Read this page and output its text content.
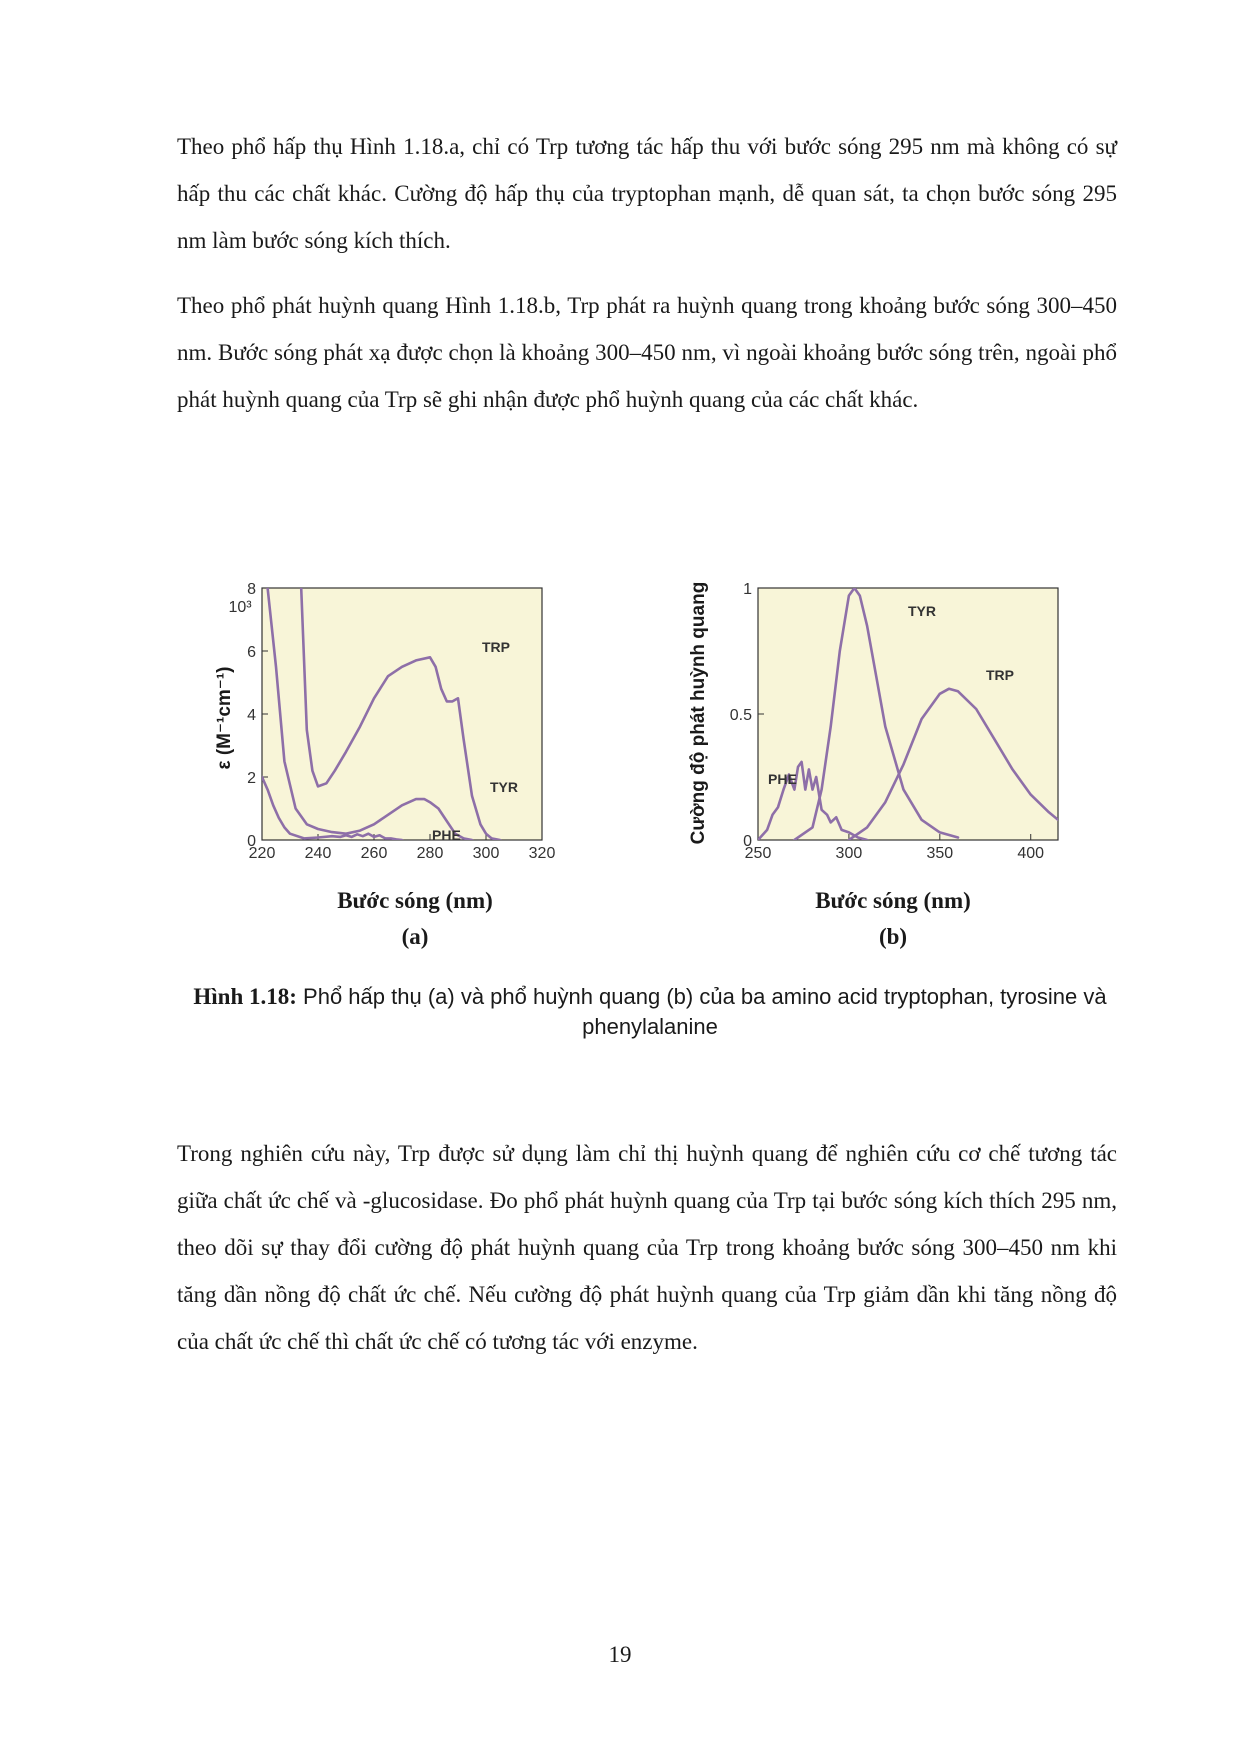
Theo phổ hấp thụ Hình 1.18.a, chỉ có Trp tương tác hấp thu với bước sóng 295 nm mà không có sự hấp thu các chất khác. Cường độ hấp thụ của tryptophan mạnh, dễ quan sát, ta chọn bước sóng 295 nm làm bước sóng kích thích.

Theo phổ phát huỳnh quang Hình 1.18.b, Trp phát ra huỳnh quang trong khoảng bước sóng 300–450 nm. Bước sóng phát xạ được chọn là khoảng 300–450 nm, vì ngoài khoảng bước sóng trên, ngoài phổ phát huỳnh quang của Trp sẽ ghi nhận được phổ huỳnh quang của các chất khác.

220 240 260 280 300 320
0
2
4
6
8
10³
ε (M⁻¹cm⁻¹)
TRP
TYR
PHE
Bước sóng (nm)
(a)
250	300	350	400
0
0.5
1
Cường độ phát huỳnh quang	TYR
TRP
PHE
Bước sóng (nm)
(b)
Hình 1.18: Phổ hấp thụ (a) và phổ huỳnh quang (b) của ba amino acid tryptophan, tyrosine và phenylalanine

Trong nghiên cứu này, Trp được sử dụng làm chỉ thị huỳnh quang để nghiên cứu cơ chế tương tác giữa chất ức chế và -glucosidase. Đo phổ phát huỳnh quang của Trp tại bước sóng kích thích 295 nm, theo dõi sự thay đổi cường độ phát huỳnh quang của Trp trong khoảng bước sóng 300–450 nm khi tăng dần nồng độ chất ức chế. Nếu cường độ phát huỳnh quang của Trp giảm dần khi tăng nồng độ của chất ức chế thì chất ức chế có tương tác với enzyme.

19
